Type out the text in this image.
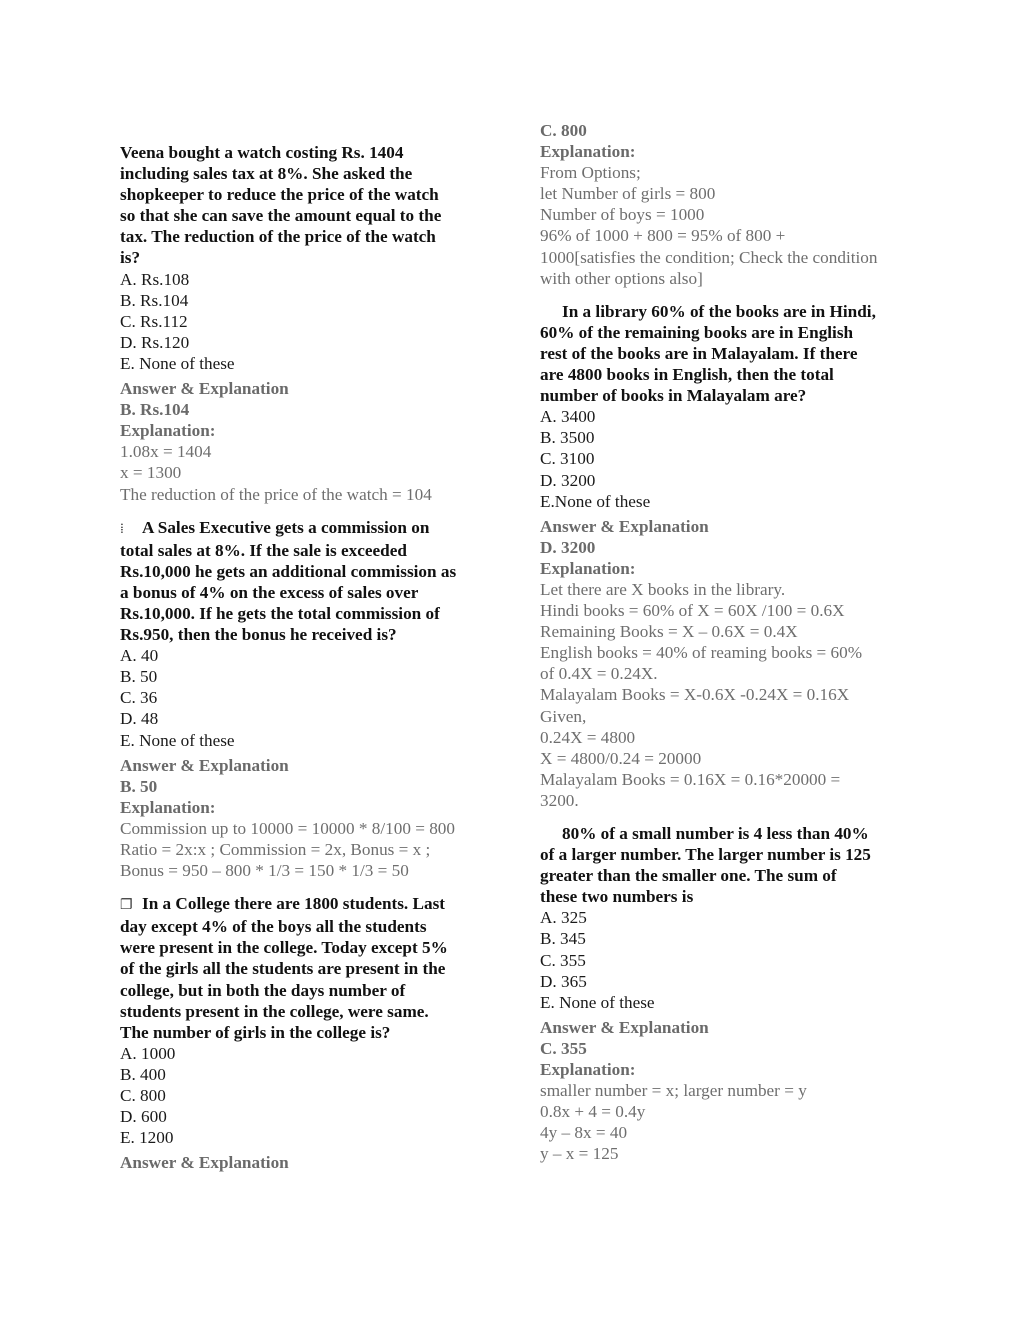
Veena bought a watch costing Rs. 1404
including sales tax at 8%. She asked the
shopkeeper to reduce the price of the watch
so that she can save the amount equal to the
tax. The reduction of the price of the watch
is?
A. Rs.108
B. Rs.104
C. Rs.112
D. Rs.120
E. None of these
Answer & Explanation
B. Rs.104
Explanation:
1.08x = 1404
x = 1300
The reduction of the price of the watch = 104
⁞ A Sales Executive gets a commission on
total sales at 8%. If the sale is exceeded
Rs.10,000 he gets an additional commission as
a bonus of 4% on the excess of sales over
Rs.10,000. If he gets the total commission of
Rs.950, then the bonus he received is?
A. 40
B. 50
C. 36
D. 48
E. None of these
Answer & Explanation
B. 50
Explanation:
Commission up to 10000 = 10000 * 8/100 = 800
Ratio = 2x:x ; Commission = 2x, Bonus = x ;
Bonus = 950 – 800 * 1/3 = 150 * 1/3 = 50
❐ In a College there are 1800 students. Last
day except 4% of the boys all the students
were present in the college. Today except 5%
of the girls all the students are present in the
college, but in both the days number of
students present in the college, were same.
The number of girls in the college is?
A. 1000
B. 400
C. 800
D. 600
E. 1200
Answer & Explanation
C. 800
Explanation:
From Options;
let Number of girls = 800
Number of boys = 1000
96% of 1000 + 800 = 95% of 800 +
1000[satisfies the condition; Check the condition
with other options also]
In a library 60% of the books are in Hindi,
60% of the remaining books are in English
rest of the books are in Malayalam. If there
are 4800 books in English, then the total
number of books in Malayalam are?
A. 3400
B. 3500
C. 3100
D. 3200
E.None of these
Answer & Explanation
D. 3200
Explanation:
Let there are X books in the library.
Hindi books = 60% of X = 60X /100 = 0.6X
Remaining Books = X – 0.6X = 0.4X
English books = 40% of reaming books = 60%
of 0.4X = 0.24X.
Malayalam Books = X-0.6X -0.24X = 0.16X
Given,
0.24X = 4800
X = 4800/0.24 = 20000
Malayalam Books = 0.16X = 0.16*20000 =
3200.
80% of a small number is 4 less than 40%
of a larger number. The larger number is 125
greater than the smaller one. The sum of
these two numbers is
A. 325
B. 345
C. 355
D. 365
E. None of these
Answer & Explanation
C. 355
Explanation:
smaller number = x; larger number = y
0.8x + 4 = 0.4y
4y – 8x = 40
y – x = 125
